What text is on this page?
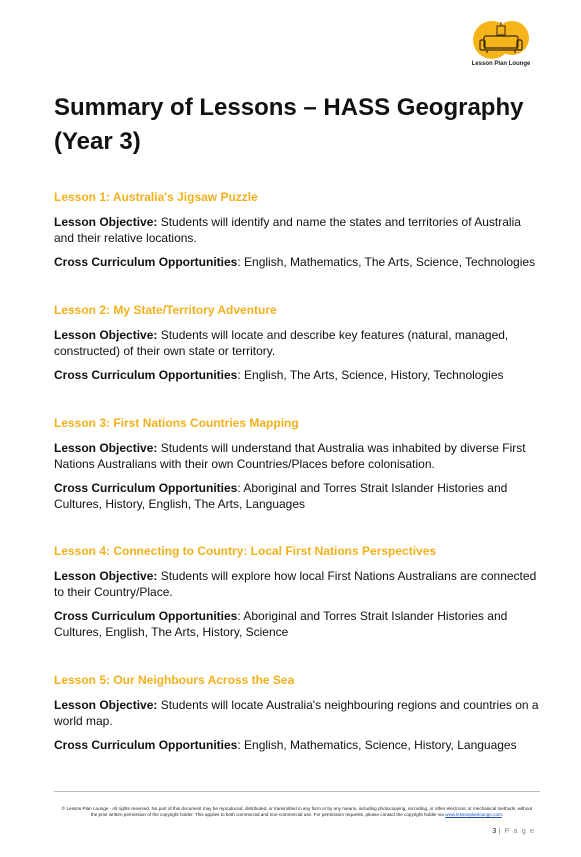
Lesson Plan Lounge
Summary of Lessons – HASS Geography (Year 3)

Lesson 1: Australia's Jigsaw Puzzle

Lesson Objective: Students will identify and name the states and territories of Australia and their relative locations.

Cross Curriculum Opportunities: English, Mathematics, The Arts, Science, Technologies

Lesson 2: My State/Territory Adventure

Lesson Objective: Students will locate and describe key features (natural, managed, constructed) of their own state or territory.

Cross Curriculum Opportunities: English, The Arts, Science, History, Technologies

Lesson 3: First Nations Countries Mapping

Lesson Objective: Students will understand that Australia was inhabited by diverse First Nations Australians with their own Countries/Places before colonisation.

Cross Curriculum Opportunities: Aboriginal and Torres Strait Islander Histories and Cultures, History, English, The Arts, Languages

Lesson 4: Connecting to Country: Local First Nations Perspectives

Lesson Objective: Students will explore how local First Nations Australians are connected to their Country/Place.

Cross Curriculum Opportunities: Aboriginal and Torres Strait Islander Histories and Cultures, English, The Arts, History, Science

Lesson 5: Our Neighbours Across the Sea

Lesson Objective: Students will locate Australia's neighbouring regions and countries on a world map.

Cross Curriculum Opportunities: English, Mathematics, Science, History, Languages

© Lesson Plan Lounge - All rights reserved. No part of this document may be reproduced, distributed, or transmitted in any form or by any means, including photocopying, recording, or other electronic or mechanical methods, without the prior written permission of the copyright holder. This applies to both commercial and non-commercial use. For permission requests, please contact the copyright holder via www.lessonplanlounge.com.
3 | P a g e
